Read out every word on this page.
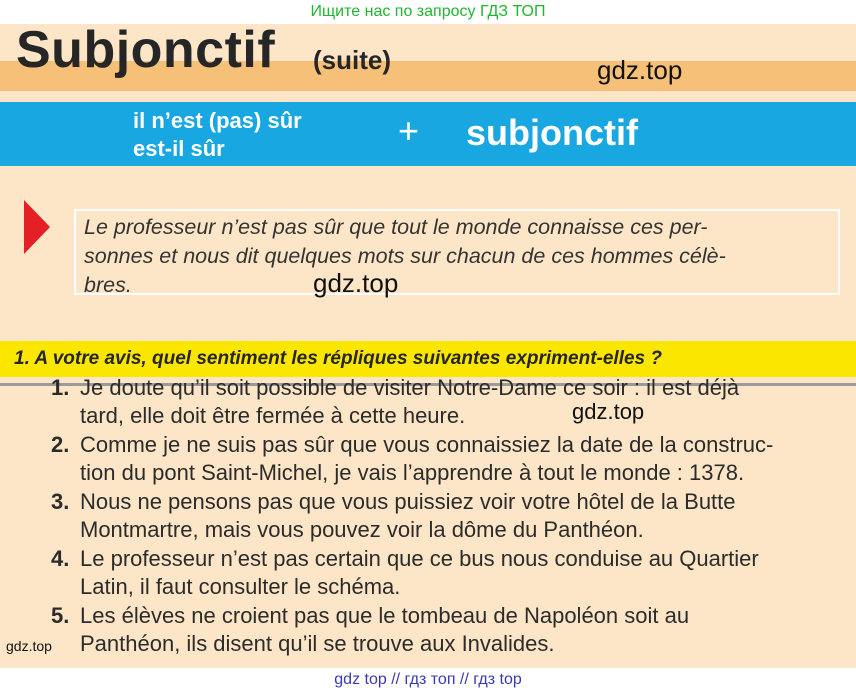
Ищите нас по запросу ГДЗ ТОП
Subjonctif (suite)	gdz.top
il n’est (pas) sûr
est-il sûr	+ subjonctif
Le professeur n’est pas sûr que tout le monde connaisse ces per-
sonnes et nous dit quelques mots sur chacun de ces hommes célè-
bres.	gdz.top
1. A votre avis, quel sentiment les répliques suivantes expriment-elles ?
1. Je doute qu’il soit possible de visiter Notre-Dame ce soir : il est déjà
tard, elle doit être fermée à cette heure.
2. Comme je ne suis pas sûr que vous connaissiez la date de la construc-
tion du pont Saint-Michel, je vais l’apprendre à tout le monde : 1378.
3. Nous ne pensons pas que vous puissiez voir votre hôtel de la Butte
Montmartre, mais vous pouvez voir la dôme du Panthéon.
4. Le professeur n’est pas certain que ce bus nous conduise au Quartier
Latin, il faut consulter le schéma.
5. Les élèves ne croient pas que le tombeau de Napoléon soit au
Panthéon, ils disent qu’il se trouve aux Invalides.
gdz.top
gdz.top
gdz top // гдз топ // гдз top
